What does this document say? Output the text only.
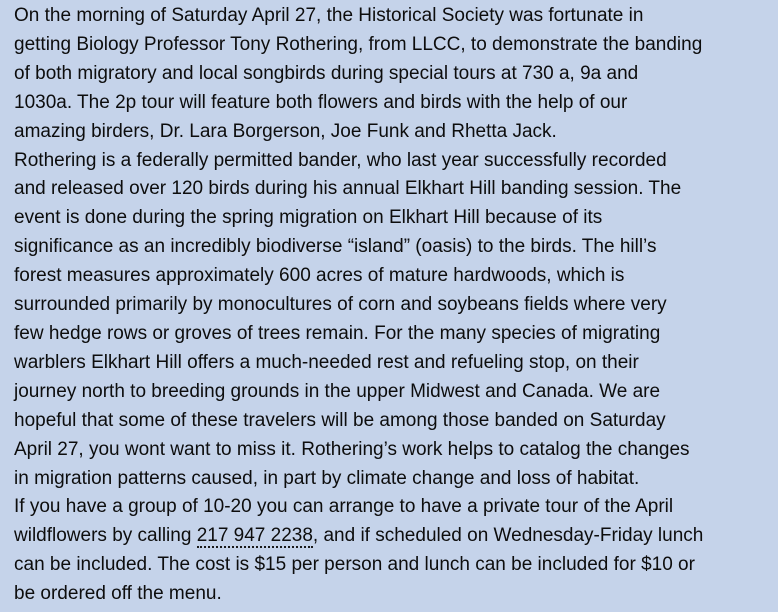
On the morning of Saturday April 27, the Historical Society was fortunate in
getting Biology Professor Tony Rothering, from LLCC, to demonstrate the banding
of both migratory and local songbirds during special tours at 730 a, 9a and
1030a. The 2p tour will feature both flowers and birds with the help of our
amazing birders, Dr. Lara Borgerson, Joe Funk and Rhetta Jack.
Rothering is a federally permitted bander, who last year successfully recorded
and released over 120 birds during his annual Elkhart Hill banding session. The
event is done during the spring migration on Elkhart Hill because of its
significance as an incredibly biodiverse “island” (oasis) to the birds. The hill’s
forest measures approximately 600 acres of mature hardwoods, which is
surrounded primarily by monocultures of corn and soybeans fields where very
few hedge rows or groves of trees remain. For the many species of migrating
warblers Elkhart Hill offers a much-needed rest and refueling stop, on their
journey north to breeding grounds in the upper Midwest and Canada. We are
hopeful that some of these travelers will be among those banded on Saturday
April 27, you wont want to miss it. Rothering’s work helps to catalog the changes
in migration patterns caused, in part by climate change and loss of habitat.
If you have a group of 10-20 you can arrange to have a private tour of the April
wildflowers by calling 217 947 2238, and if scheduled on Wednesday-Friday lunch
can be included. The cost is $15 per person and lunch can be included for $10 or
be ordered off the menu.
